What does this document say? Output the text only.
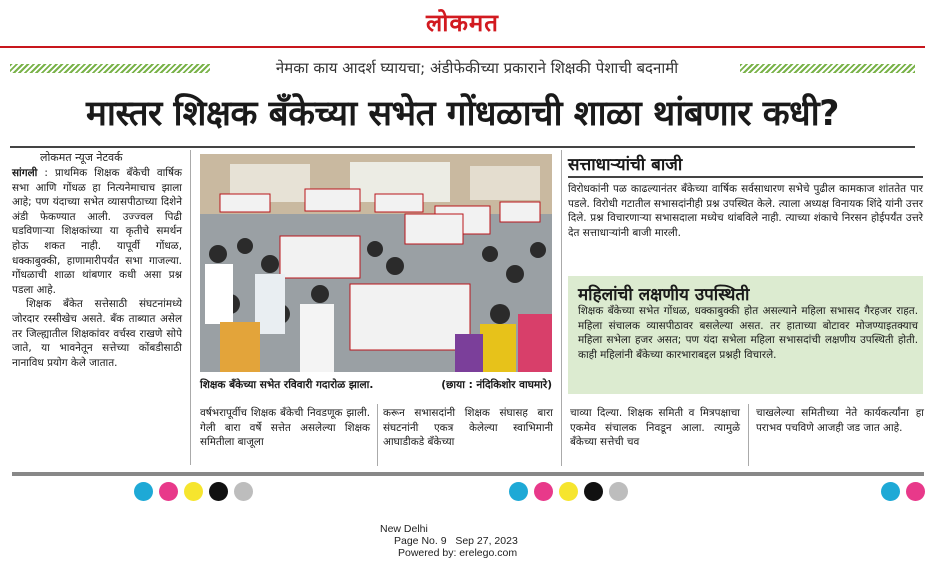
लोकमत
नेमका काय आदर्श घ्यायचा; अंडीफेकीच्या प्रकाराने शिक्षकी पेशाची बदनामी
मास्तर शिक्षक बँकेच्या सभेत गोंधळाची शाळा थांबणार कधी?
लोकमत न्यूज नेटवर्क
सांगली : प्राथमिक शिक्षक बँकेची वार्षिक सभा आणि गोंधळ हा नित्यनेमाचाच झाला आहे; पण यंदाच्या सभेत व्यासपीठाच्या दिशेने अंडी फेकण्यात आली. उज्ज्वल पिढी घडविणाऱ्या शिक्षकांच्या या कृतीचे समर्थन होऊ शकत नाही. यापूर्वी गोंधळ, धक्काबुक्की, हाणामारीपर्यंत सभा गाजल्या. गोंधळाची शाळा थांबणार कधी असा प्रश्न पडला आहे.
शिक्षक बँकेत सत्तेसाठी संघटनांमध्ये जोरदार रस्सीखेच असते. बँक ताब्यात असेल तर जिल्ह्यातील शिक्षकांवर वर्चस्व राखणे सोपे जाते, या भावनेतून सत्तेच्या कोंबडीसाठी नानाविध प्रयोग केले जातात.
शिक्षक बँकेच्या सभेत रविवारी गदारोळ झाला.	(छाया : नंदिकिशोर वाघमारे)
वर्षभरापूर्वीच शिक्षक बँकेची निवडणूक झाली. गेली बारा वर्षे सत्तेत असलेल्या शिक्षक समितीला बाजूला
करून सभासदांनी शिक्षक संघासह बारा संघटनांनी एकत्र केलेल्या स्वाभिमानी आघाडीकडे बँकेच्या
चाव्या दिल्या. शिक्षक समिती व मित्रपक्षाचा एकमेव संचालक निवडून आला. त्यामुळे बँकेच्या सत्तेची चव
चाखलेल्या समितीच्या नेते कार्यकर्त्यांना हा पराभव पचविणे आजही जड जात आहे.
सत्ताधाऱ्यांची बाजी
विरोधकांनी पळ काढल्यानंतर बँकेच्या वार्षिक सर्वसाधारण सभेचे पुढील कामकाज शांततेत पार पडले. विरोधी गटातील सभासदांनीही प्रश्न उपस्थित केले. त्याला अध्यक्ष विनायक शिंदे यांनी उत्तर दिले. प्रश्न विचारणाऱ्या सभासदाला मध्येच थांबविले नाही. त्याच्या शंकाचे निरसन होईपर्यंत उत्तरे देत सत्ताधाऱ्यांनी बाजी मारली.
महिलांची लक्षणीय उपस्थिती
शिक्षक बँकेच्या सभेत गोंधळ, धक्काबुक्की होत असल्याने महिला सभासद गैरहजर राहत. महिला संचालक व्यासपीठावर बसलेल्या असत. तर हाताच्या बोटावर मोजण्याइतक्याच महिला सभेला हजर असत; पण यंदा सभेला महिला सभासदांची लक्षणीय उपस्थिती होती. काही महिलांनी बँकेच्या कारभाराबद्दल प्रश्नही विचारले.
New Delhi
Page No. 9 Sep 27, 2023
Powered by: erelego.com
